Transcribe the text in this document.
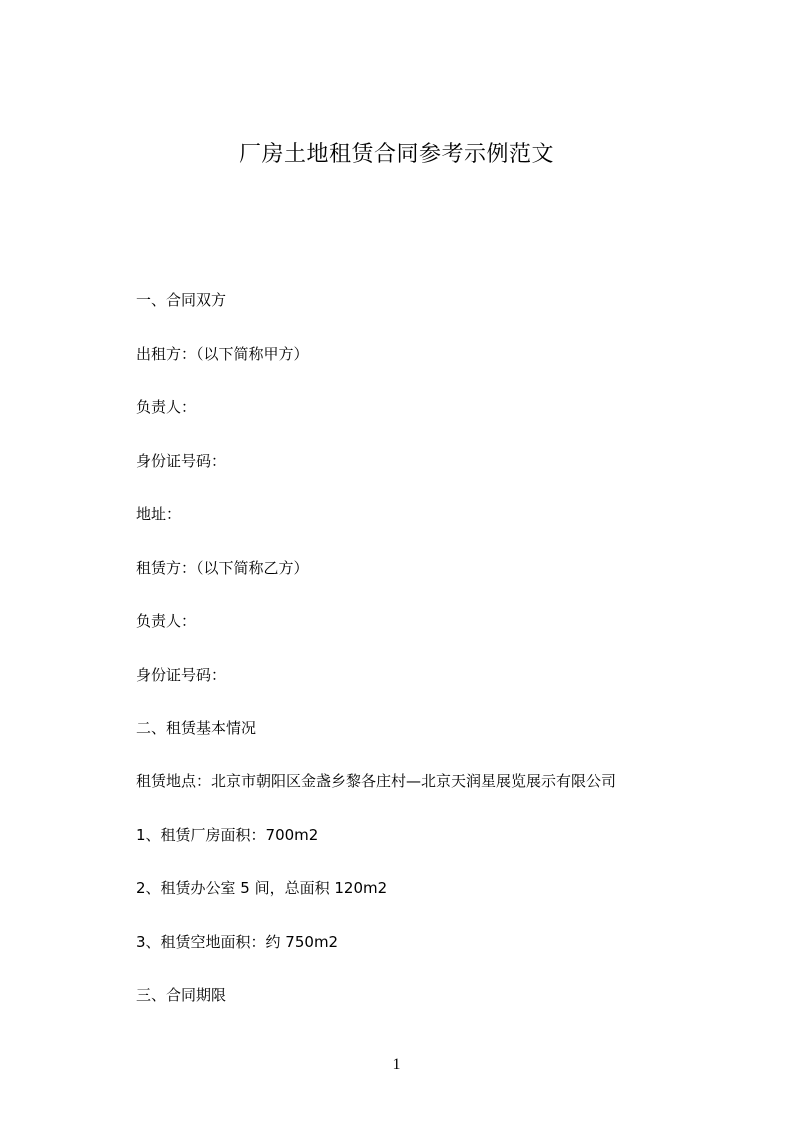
厂房土地租赁合同参考示例范文
一、合同双方
出租方：（以下简称甲方）
负责人：
身份证号码：
地址：
租赁方：（以下简称乙方）
负责人：
身份证号码：
二、租赁基本情况
租赁地点：北京市朝阳区金盏乡黎各庄村—北京天润星展览展示有限公司
1、租赁厂房面积：700m2
2、租赁办公室 5 间，总面积 120m2
3、租赁空地面积：约 750m2
三、合同期限
1
